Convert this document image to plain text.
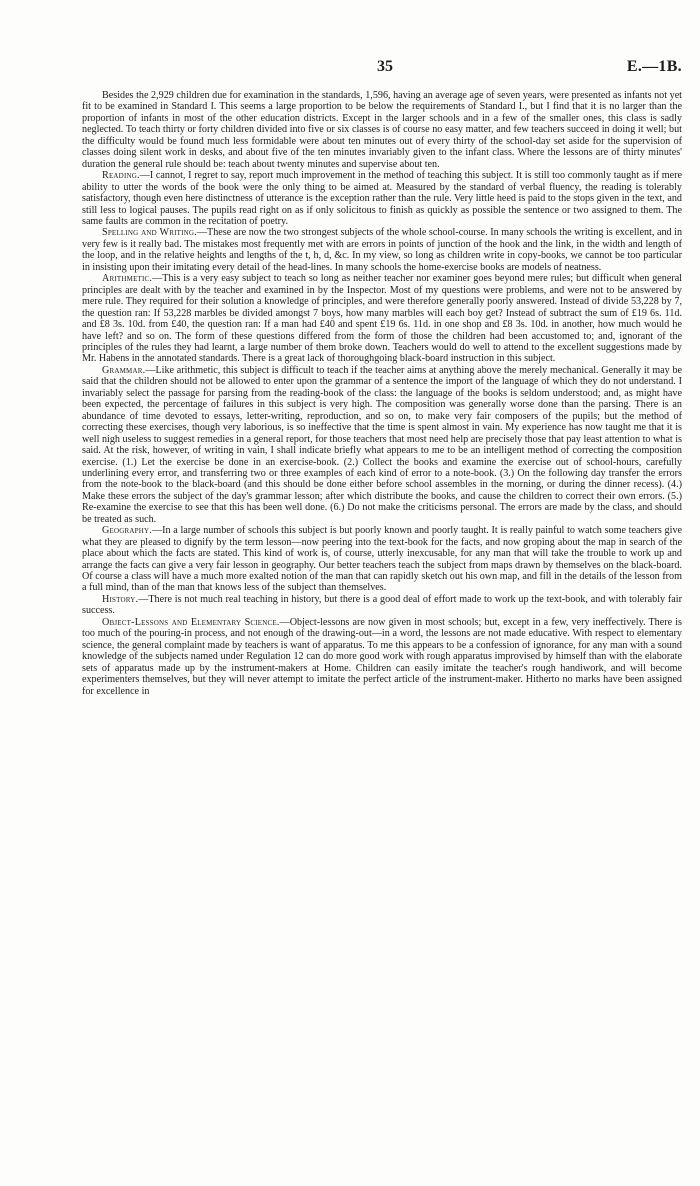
35	E.—1B.

Besides the 2,929 children due for examination in the standards, 1,596, having an average age of seven years, were presented as infants not yet fit to be examined in Standard I. This seems a large proportion to be below the requirements of Standard I., but I find that it is no larger than the proportion of infants in most of the other education districts. Except in the larger schools and in a few of the smaller ones, this class is sadly neglected. To teach thirty or forty children divided into five or six classes is of course no easy matter, and few teachers succeed in doing it well; but the difficulty would be found much less formidable were about ten minutes out of every thirty of the school-day set aside for the supervision of classes doing silent work in desks, and about five of the ten minutes invariably given to the infant class. Where the lessons are of thirty minutes' duration the general rule should be: teach about twenty minutes and supervise about ten.

Reading.—I cannot, I regret to say, report much improvement in the method of teaching this subject. It is still too commonly taught as if mere ability to utter the words of the book were the only thing to be aimed at. Measured by the standard of verbal fluency, the reading is tolerably satisfactory, though even here distinctness of utterance is the exception rather than the rule. Very little heed is paid to the stops given in the text, and still less to logical pauses. The pupils read right on as if only solicitous to finish as quickly as possible the sentence or two assigned to them. The same faults are common in the recitation of poetry.

Spelling and Writing.—These are now the two strongest subjects of the whole school-course. In many schools the writing is excellent, and in very few is it really bad. The mistakes most frequently met with are errors in points of junction of the hook and the link, in the width and length of the loop, and in the relative heights and lengths of the t, h, d, &c. In my view, so long as children write in copy-books, we cannot be too particular in insisting upon their imitating every detail of the head-lines. In many schools the home-exercise books are models of neatness.

Arithmetic.—This is a very easy subject to teach so long as neither teacher nor examiner goes beyond mere rules; but difficult when general principles are dealt with by the teacher and examined in by the Inspector. Most of my questions were problems, and were not to be answered by mere rule. They required for their solution a knowledge of principles, and were therefore generally poorly answered. Instead of divide 53,228 by 7, the question ran: If 53,228 marbles be divided amongst 7 boys, how many marbles will each boy get? Instead of subtract the sum of £19 6s. 11d. and £8 3s. 10d. from £40, the question ran: If a man had £40 and spent £19 6s. 11d. in one shop and £8 3s. 10d. in another, how much would he have left? and so on. The form of these questions differed from the form of those the children had been accustomed to; and, ignorant of the principles of the rules they had learnt, a large number of them broke down. Teachers would do well to attend to the excellent suggestions made by Mr. Habens in the annotated standards. There is a great lack of thoroughgoing black-board instruction in this subject.

Grammar.—Like arithmetic, this subject is difficult to teach if the teacher aims at anything above the merely mechanical. Generally it may be said that the children should not be allowed to enter upon the grammar of a sentence the import of the language of which they do not understand. I invariably select the passage for parsing from the reading-book of the class: the language of the books is seldom understood; and, as might have been expected, the percentage of failures in this subject is very high. The composition was generally worse done than the parsing. There is an abundance of time devoted to essays, letter-writing, reproduction, and so on, to make very fair composers of the pupils; but the method of correcting these exercises, though very laborious, is so ineffective that the time is spent almost in vain. My experience has now taught me that it is well nigh useless to suggest remedies in a general report, for those teachers that most need help are precisely those that pay least attention to what is said. At the risk, however, of writing in vain, I shall indicate briefly what appears to me to be an intelligent method of correcting the composition exercise. (1.) Let the exercise be done in an exercise-book. (2.) Collect the books and examine the exercise out of school-hours, carefully underlining every error, and transferring two or three examples of each kind of error to a note-book. (3.) On the following day transfer the errors from the note-book to the black-board (and this should be done either before school assembles in the morning, or during the dinner recess). (4.) Make these errors the subject of the day's grammar lesson; after which distribute the books, and cause the children to correct their own errors. (5.) Re-examine the exercise to see that this has been well done. (6.) Do not make the criticisms personal. The errors are made by the class, and should be treated as such.

Geography.—In a large number of schools this subject is but poorly known and poorly taught. It is really painful to watch some teachers give what they are pleased to dignify by the term lesson—now peering into the text-book for the facts, and now groping about the map in search of the place about which the facts are stated. This kind of work is, of course, utterly inexcusable, for any man that will take the trouble to work up and arrange the facts can give a very fair lesson in geography. Our better teachers teach the subject from maps drawn by themselves on the black-board. Of course a class will have a much more exalted notion of the man that can rapidly sketch out his own map, and fill in the details of the lesson from a full mind, than of the man that knows less of the subject than themselves.

History.—There is not much real teaching in history, but there is a good deal of effort made to work up the text-book, and with tolerably fair success.

Object-Lessons and Elementary Science.—Object-lessons are now given in most schools; but, except in a few, very ineffectively. There is too much of the pouring-in process, and not enough of the drawing-out—in a word, the lessons are not made educative. With respect to elementary science, the general complaint made by teachers is want of apparatus. To me this appears to be a confession of ignorance, for any man with a sound knowledge of the subjects named under Regulation 12 can do more good work with rough apparatus improvised by himself than with the elaborate sets of apparatus made up by the instrument-makers at Home. Children can easily imitate the teacher's rough handiwork, and will become experimenters themselves, but they will never attempt to imitate the perfect article of the instrument-maker. Hitherto no marks have been assigned for excellence in
